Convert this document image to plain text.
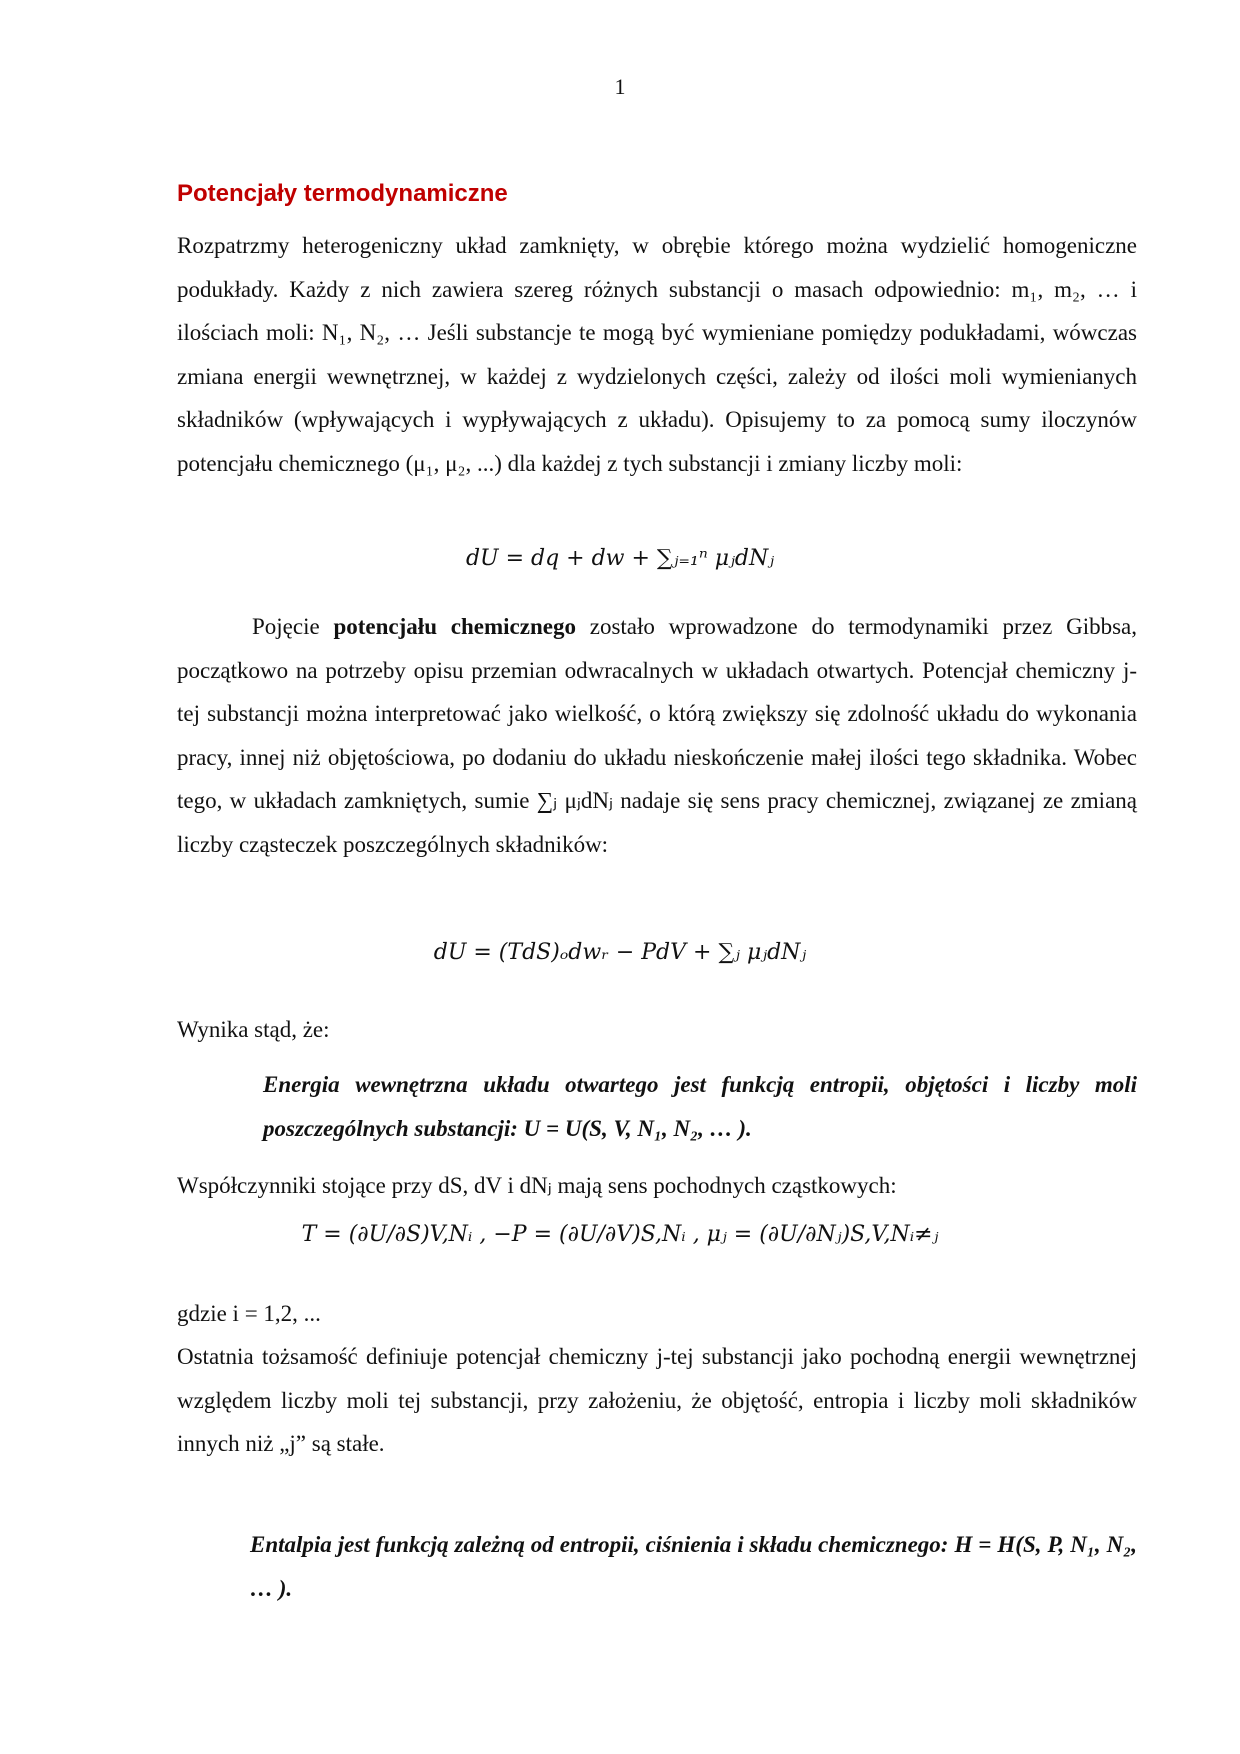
1
Potencjały termodynamiczne
Rozpatrzmy heterogeniczny układ zamknięty, w obrębie którego można wydzielić homogeniczne podukłady. Każdy z nich zawiera szereg różnych substancji o masach odpowiednio: m₁, m₂, … i ilościach moli: N₁, N₂, … Jeśli substancje te mogą być wymieniane pomiędzy podukładami, wówczas zmiana energii wewnętrznej, w każdej z wydzielonych części, zależy od ilości moli wymienianych składników (wpływających i wypływających z układu). Opisujemy to za pomocą sumy iloczynów potencjału chemicznego (μ₁, μ₂, ...) dla każdej z tych substancji i zmiany liczby moli:
dU = dq + dw + ∑ⱼ₌₁ⁿ μⱼdNⱼ
Pojęcie potencjału chemicznego zostało wprowadzone do termodynamiki przez Gibbsa, początkowo na potrzeby opisu przemian odwracalnych w układach otwartych. Potencjał chemiczny j-tej substancji można interpretować jako wielkość, o którą zwiększy się zdolność układu do wykonania pracy, innej niż objętościowa, po dodaniu do układu nieskończenie małej ilości tego składnika. Wobec tego, w układach zamkniętych, sumie ∑ⱼ μⱼdNⱼ nadaje się sens pracy chemicznej, związanej ze zmianą liczby cząsteczek poszczególnych składników:
dU = (TdS)ₒdwᵣ − PdV + ∑ⱼ μⱼdNⱼ
Wynika stąd, że:
Energia wewnętrzna układu otwartego jest funkcją entropii, objętości i liczby moli poszczególnych substancji: U = U(S, V, N₁, N₂, … ).
Współczynniki stojące przy dS, dV i dNⱼ mają sens pochodnych cząstkowych:
T = (∂U/∂S)V,Nᵢ , −P = (∂U/∂V)S,Nᵢ , μⱼ = (∂U/∂Nⱼ)S,V,Nᵢ≠ⱼ
gdzie i = 1,2, ...
Ostatnia tożsamość definiuje potencjał chemiczny j-tej substancji jako pochodną energii wewnętrznej względem liczby moli tej substancji, przy założeniu, że objętość, entropia i liczby moli składników innych niż „j” są stałe.
Entalpia jest funkcją zależną od entropii, ciśnienia i składu chemicznego: H = H(S, P, N₁, N₂, … ).
